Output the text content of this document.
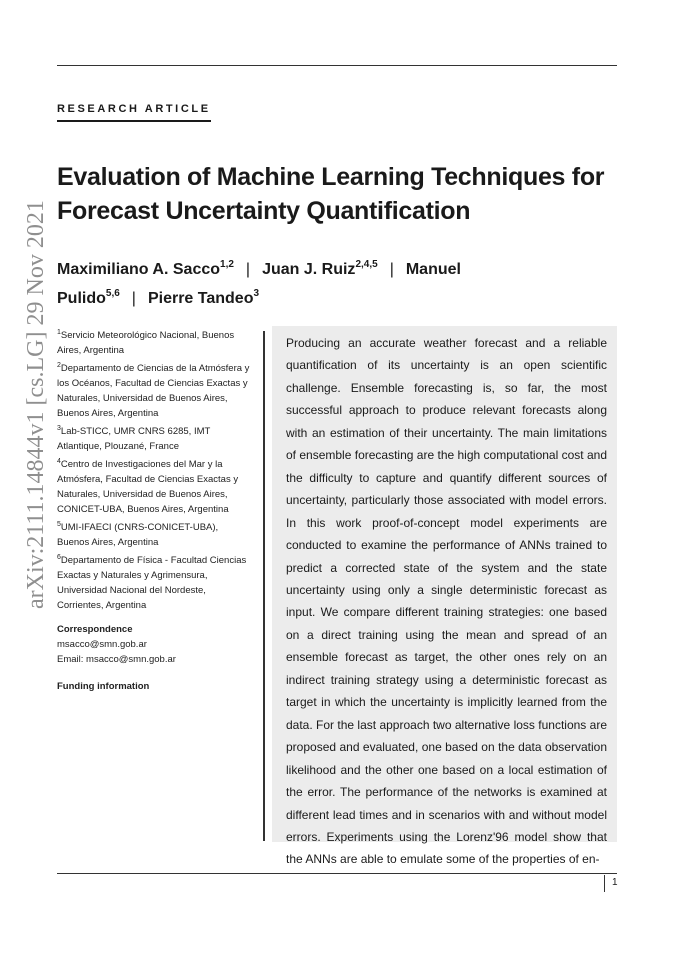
RESEARCH ARTICLE
arXiv:2111.14844v1 [cs.LG] 29 Nov 2021
Evaluation of Machine Learning Techniques for Forecast Uncertainty Quantification
Maximiliano A. Sacco$^{1,2}$ | Juan J. Ruiz$^{2,4,5}$ | Manuel Pulido$^{5,6}$ | Pierre Tandeo$^3$
$^1$Servicio Meteorológico Nacional, Buenos Aires, Argentina
$^2$Departamento de Ciencias de la Atmósfera y los Océanos, Facultad de Ciencias Exactas y Naturales, Universidad de Buenos Aires, Buenos Aires, Argentina
$^3$Lab-STICC, UMR CNRS 6285, IMT Atlantique, Plouzané, France
$^4$Centro de Investigaciones del Mar y la Atmósfera, Facultad de Ciencias Exactas y Naturales, Universidad de Buenos Aires, CONICET-UBA, Buenos Aires, Argentina
$^5$UMI-IFAECI (CNRS-CONICET-UBA), Buenos Aires, Argentina
$^6$Departamento de Física - Facultad Ciencias Exactas y Naturales y Agrimensura, Universidad Nacional del Nordeste, Corrientes, Argentina
Correspondence
msacco@smn.gob.ar
Email: msacco@smn.gob.ar
Funding information
Producing an accurate weather forecast and a reliable quantification of its uncertainty is an open scientific challenge. Ensemble forecasting is, so far, the most successful approach to produce relevant forecasts along with an estimation of their uncertainty. The main limitations of ensemble forecasting are the high computational cost and the difficulty to capture and quantify different sources of uncertainty, particularly those associated with model errors. In this work proof-of-concept model experiments are conducted to examine the performance of ANNs trained to predict a corrected state of the system and the state uncertainty using only a single deterministic forecast as input. We compare different training strategies: one based on a direct training using the mean and spread of an ensemble forecast as target, the other ones rely on an indirect training strategy using a deterministic forecast as target in which the uncertainty is implicitly learned from the data. For the last approach two alternative loss functions are proposed and evaluated, one based on the data observation likelihood and the other one based on a local estimation of the error. The performance of the networks is examined at different lead times and in scenarios with and without model errors. Experiments using the Lorenz'96 model show that the ANNs are able to emulate some of the properties of en-
1
